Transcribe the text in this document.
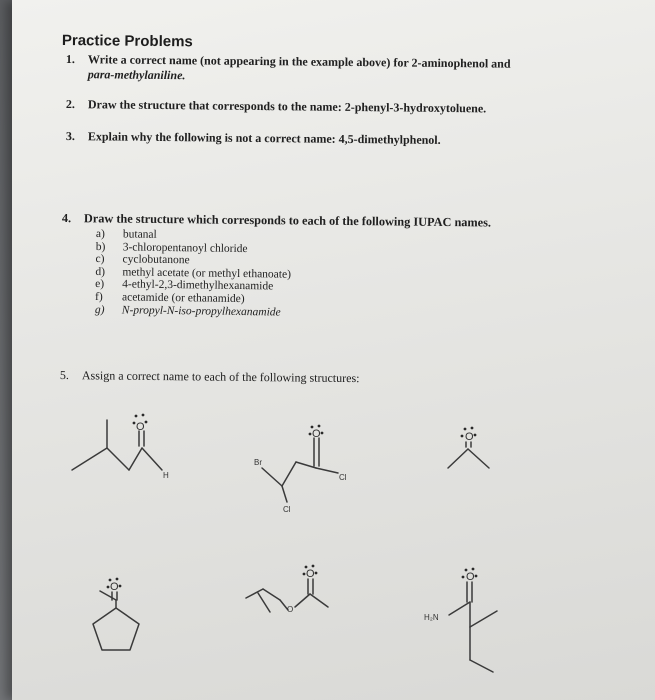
Practice Problems
1. Write a correct name (not appearing in the example above) for 2-aminophenol and
para-methylaniline.
2. Draw the structure that corresponds to the name: 2-phenyl-3-hydroxytoluene.
3. Explain why the following is not a correct name: 4,5-dimethylphenol.
4. Draw the structure which corresponds to each of the following IUPAC names.
a)	butanal
b)	3-chloropentanoyl chloride
c)	cyclobutanone
d)	methyl acetate (or methyl ethanoate)
e)	4-ethyl-2,3-dimethylhexanamide
f)	acetamide (or ethanamide)
g)	N-propyl-N-iso-propylhexanamide
5. Assign a correct name to each of the following structures:
O
H
O
Br
Cl
Cl
O
O
O
O
O
H₂N
